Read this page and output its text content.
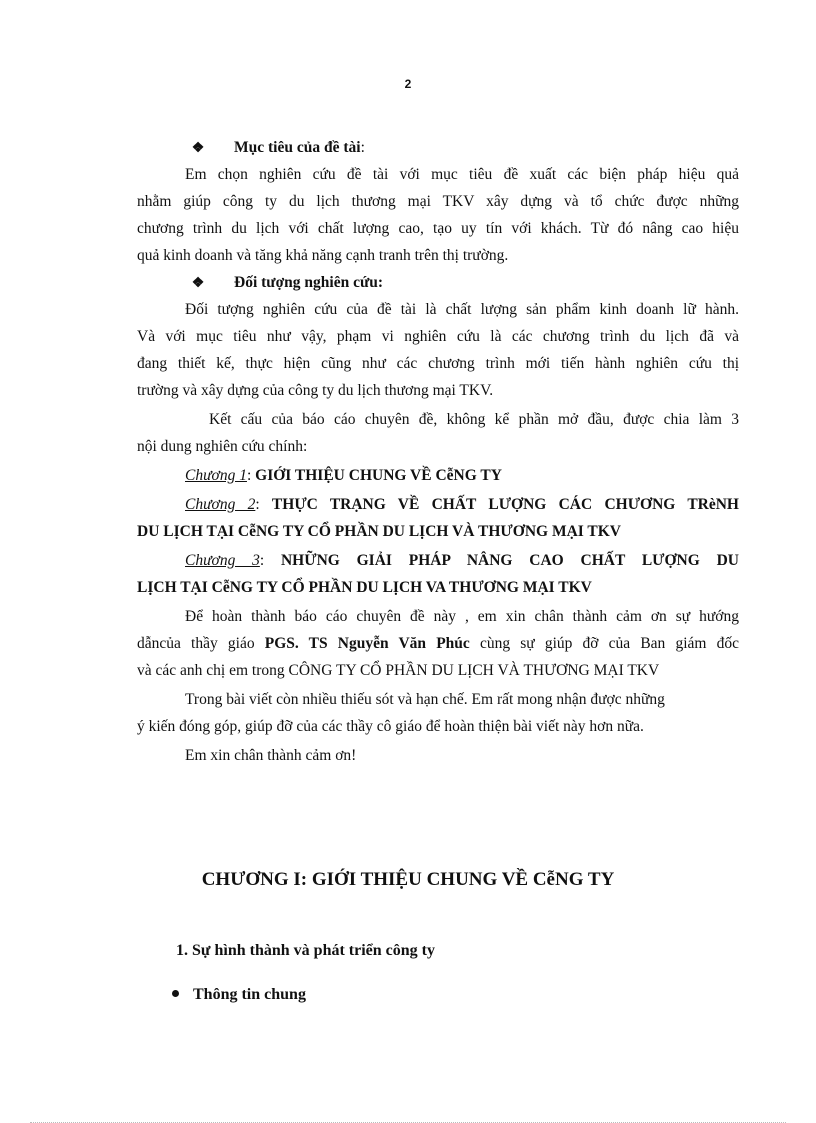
2
❖ Mục tiêu của đề tài:
Em chọn nghiên cứu đề tài với mục tiêu đề xuất các biện pháp hiệu quả
nhằm giúp công ty du lịch thương mại TKV xây dựng và tổ chức được những
chương trình du lịch với chất lượng cao, tạo uy tín với khách. Từ đó nâng cao hiệu
quả kinh doanh và tăng khả năng cạnh tranh trên thị trường.
❖ Đối tượng nghiên cứu:
Đối tượng nghiên cứu của đề tài là chất lượng sản phẩm kinh doanh lữ hành.
Và với mục tiêu như vậy, phạm vi nghiên cứu là các chương trình du lịch đã và
đang thiết kế, thực hiện cũng như các chương trình mới tiến hành nghiên cứu thị
trường và xây dựng của công ty du lịch thương mại TKV.
Kết cấu của báo cáo chuyên đề, không kể phần mở đầu, được chia làm 3
nội dung nghiên cứu chính:
Chương 1: GIỚI THIỆU CHUNG VỀ CễNG TY
Chương 2: THỰC TRẠNG VỀ CHẤT LƯỢNG CÁC CHƯƠNG TRèNH
DU LỊCH TẠI CễNG TY CỔ PHẦN DU LỊCH VÀ THƯƠNG MẠI TKV
Chương 3: NHỮNG GIẢI PHÁP NÂNG CAO CHẤT LƯỢNG DU
LỊCH TẠI CễNG TY CỔ PHẦN DU LỊCH VA THƯƠNG MẠI TKV
Để hoàn thành báo cáo chuyên đề này , em xin chân thành cảm ơn sự hướng
dẫncủa thầy giáo PGS. TS Nguyễn Văn Phúc cùng sự giúp đỡ của Ban giám đốc
và các anh chị em trong CÔNG TY CỔ PHẦN DU LỊCH VÀ THƯƠNG MẠI TKV
Trong bài viết còn nhiều thiếu sót và hạn chế. Em rất mong nhận được những
ý kiến đóng góp, giúp đỡ của các thầy cô giáo để hoàn thiện bài viết này hơn nữa.
Em xin chân thành cảm ơn!
CHƯƠNG I: GIỚI THIỆU CHUNG VỀ CễNG TY
1. Sự hình thành và phát triển công ty
Thông tin chung
